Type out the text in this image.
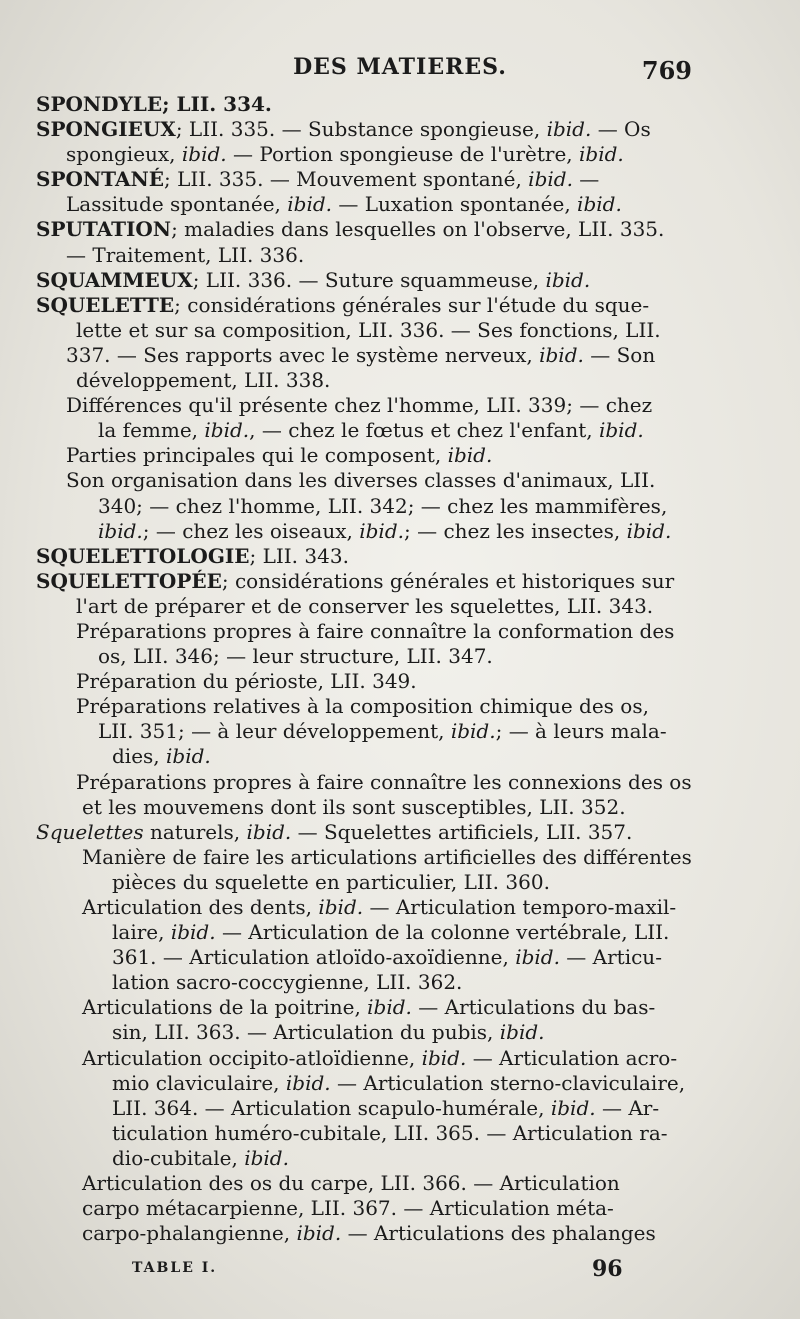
DES MATIERES.	769
SPONDYLE; LII. 334.
SPONGIEUX; LII. 335. — Substance spongieuse, ibid. — Os
spongieux, ibid. — Portion spongieuse de l'urètre, ibid.
SPONTANÉ; LII. 335. — Mouvement spontané, ibid. —
Lassitude spontanée, ibid. — Luxation spontanée, ibid.
SPUTATION; maladies dans lesquelles on l'observe, LII. 335.
— Traitement, LII. 336.
SQUAMMEUX; LII. 336. — Suture squammeuse, ibid.
SQUELETTE; considérations générales sur l'étude du sque-
lette et sur sa composition, LII. 336. — Ses fonctions, LII.
337. — Ses rapports avec le système nerveux, ibid. — Son
développement, LII. 338.
Différences qu'il présente chez l'homme, LII. 339; — chez
la femme, ibid., — chez le fœtus et chez l'enfant, ibid.
Parties principales qui le composent, ibid.
Son organisation dans les diverses classes d'animaux, LII.
340; — chez l'homme, LII. 342; — chez les mammifères,
ibid.; — chez les oiseaux, ibid.; — chez les insectes, ibid.
SQUELETTOLOGIE; LII. 343.
SQUELETTOPÉE; considérations générales et historiques sur
l'art de préparer et de conserver les squelettes, LII. 343.
Préparations propres à faire connaître la conformation des
os, LII. 346; — leur structure, LII. 347.
Préparation du périoste, LII. 349.
Préparations relatives à la composition chimique des os,
LII. 351; — à leur développement, ibid.; — à leurs mala-
dies, ibid.
Préparations propres à faire connaître les connexions des os
et les mouvemens dont ils sont susceptibles, LII. 352.
Squelettes naturels, ibid. — Squelettes artificiels, LII. 357.
Manière de faire les articulations artificielles des différentes
pièces du squelette en particulier, LII. 360.
Articulation des dents, ibid. — Articulation temporo-maxil-
laire, ibid. — Articulation de la colonne vertébrale, LII.
361. — Articulation atloïdo-axoïdienne, ibid. — Articu-
lation sacro-coccygienne, LII. 362.
Articulations de la poitrine, ibid. — Articulations du bas-
sin, LII. 363. — Articulation du pubis, ibid.
Articulation occipito-atloïdienne, ibid. — Articulation acro-
mio claviculaire, ibid. — Articulation sterno-claviculaire,
LII. 364. — Articulation scapulo-humérale, ibid. — Ar-
ticulation huméro-cubitale, LII. 365. — Articulation ra-
dio-cubitale, ibid.
Articulation des os du carpe, LII. 366. — Articulation
carpo métacarpienne, LII. 367. — Articulation méta-
carpo-phalangienne, ibid. — Articulations des phalanges
TABLE I.	96
